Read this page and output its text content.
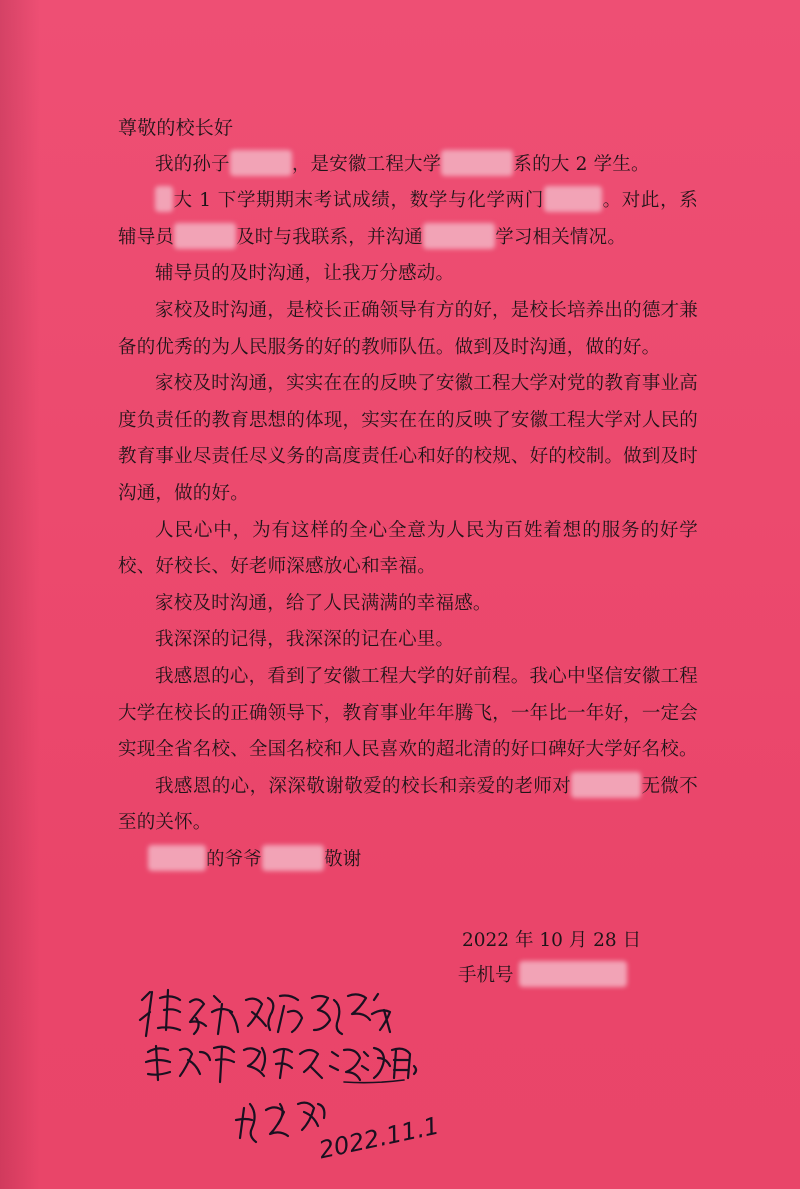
尊敬的校长好

我的孙子	，是安徽工程大学	系的大 2 学生。

大 1 下学期期末考试成绩，数学与化学两门	。对此，系辅导员	及时与我联系，并沟通	学习相关情况。

辅导员的及时沟通，让我万分感动。

家校及时沟通，是校长正确领导有方的好，是校长培养出的德才兼备的优秀的为人民服务的好的教师队伍。做到及时沟通，做的好。

家校及时沟通，实实在在的反映了安徽工程大学对党的教育事业高度负责任的教育思想的体现，实实在在的反映了安徽工程大学对人民的教育事业尽责任尽义务的高度责任心和好的校规、好的校制。做到及时沟通，做的好。

人民心中，为有这样的全心全意为人民为百姓着想的服务的好学校、好校长、好老师深感放心和幸福。

家校及时沟通，给了人民满满的幸福感。

我深深的记得，我深深的记在心里。

我感恩的心，看到了安徽工程大学的好前程。我心中坚信安徽工程大学在校长的正确领导下，教育事业年年腾飞，一年比一年好，一定会实现全省名校、全国名校和人民喜欢的超北清的好口碑好大学好名校。

我感恩的心，深深敬谢敬爱的校长和亲爱的老师对	无微不至的关怀。

的爷爷	敬谢

2022 年 10 月 28 日
手机号
2022.11.1
